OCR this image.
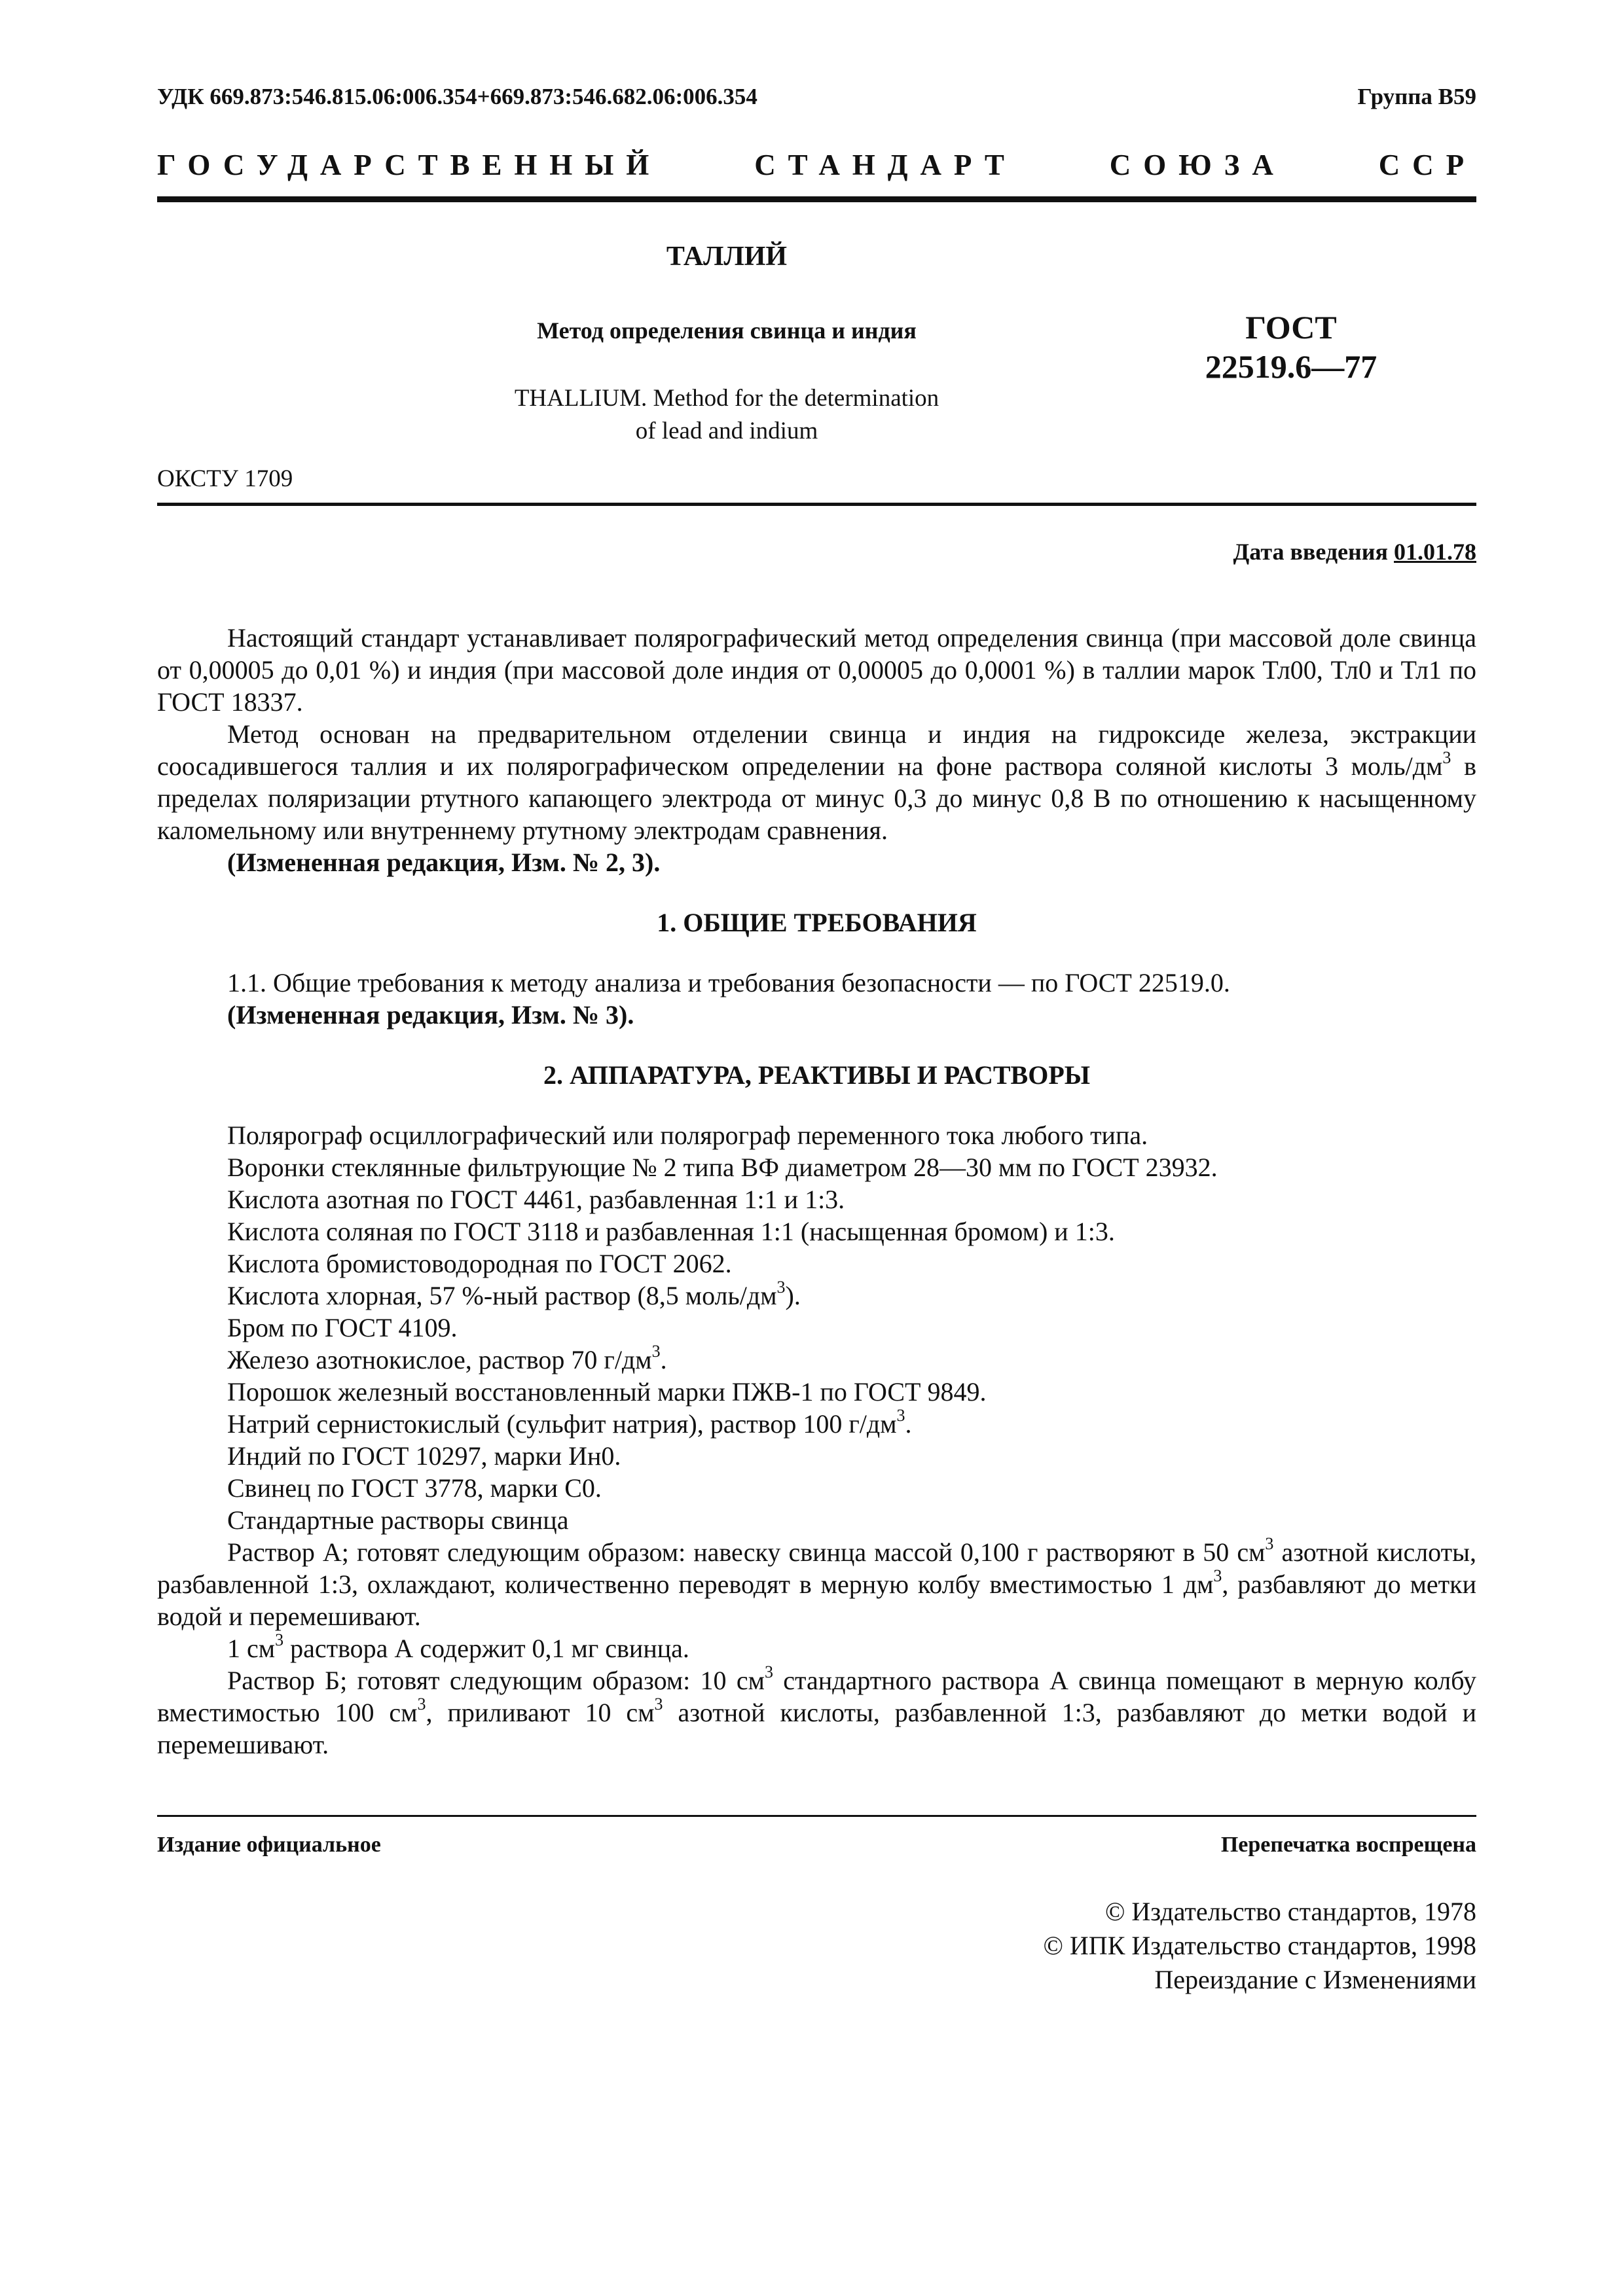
УДК 669.873:546.815.06:006.354+669.873:546.682.06:006.354	Группа В59
ГОСУДАРСТВЕННЫЙ	СТАНДАРТ	СОЮЗА	ССР
ТАЛЛИЙ
Метод определения свинца и индия
THALLIUM. Method for the determination
of lead and indium
ГОСТ
22519.6—77
ОКСТУ 1709
Дата введения 01.01.78

Настоящий стандарт устанавливает полярографический метод определения свинца (при массовой доле свинца от 0,00005 до 0,01 %) и индия (при массовой доле индия от 0,00005 до 0,0001 %) в таллии марок Тл00, Тл0 и Тл1 по ГОСТ 18337.

Метод основан на предварительном отделении свинца и индия на гидроксиде железа, экстракции соосадившегося таллия и их полярографическом определении на фоне раствора соляной кислоты 3 моль/$дм^3$ в пределах поляризации ртутного капающего электрода от минус 0,3 до минус 0,8 В по отношению к насыщенному каломельному или внутреннему ртутному электродам сравнения.

(Измененная редакция, Изм. № 2, 3).

1. ОБЩИЕ ТРЕБОВАНИЯ

1.1. Общие требования к методу анализа и требования безопасности — по ГОСТ 22519.0.

(Измененная редакция, Изм. № 3).

2. АППАРАТУРА, РЕАКТИВЫ И РАСТВОРЫ

Полярограф осциллографический или полярограф переменного тока любого типа.

Воронки стеклянные фильтрующие № 2 типа ВФ диаметром 28—30 мм по ГОСТ 23932.

Кислота азотная по ГОСТ 4461, разбавленная 1:1 и 1:3.

Кислота соляная по ГОСТ 3118 и разбавленная 1:1 (насыщенная бромом) и 1:3.

Кислота бромистоводородная по ГОСТ 2062.

Кислота хлорная, 57 %-ный раствор (8,5 моль/$дм^3$).

Бром по ГОСТ 4109.

Железо азотнокислое, раствор 70 $г/дм^3$.

Порошок железный восстановленный марки ПЖВ-1 по ГОСТ 9849.

Натрий сернистокислый (сульфит натрия), раствор 100 $г/дм^3$.

Индий по ГОСТ 10297, марки Ин0.

Свинец по ГОСТ 3778, марки С0.

Стандартные растворы свинца

Раствор А; готовят следующим образом: навеску свинца массой 0,100 г растворяют в 50 $см^3$ азотной кислоты, разбавленной 1:3, охлаждают, количественно переводят в мерную колбу вместимостью 1 $дм^3$, разбавляют до метки водой и перемешивают.

1 $см^3$ раствора А содержит 0,1 мг свинца.

Раствор Б; готовят следующим образом: 10 $см^3$ стандартного раствора А свинца помещают в мерную колбу вместимостью 100 $см^3$, приливают 10 $см^3$ азотной кислоты, разбавленной 1:3, разбавляют до метки водой и перемешивают.

Издание официальное	Перепечатка воспрещена
© Издательство стандартов, 1978
© ИПК Издательство стандартов, 1998
Переиздание с Изменениями
